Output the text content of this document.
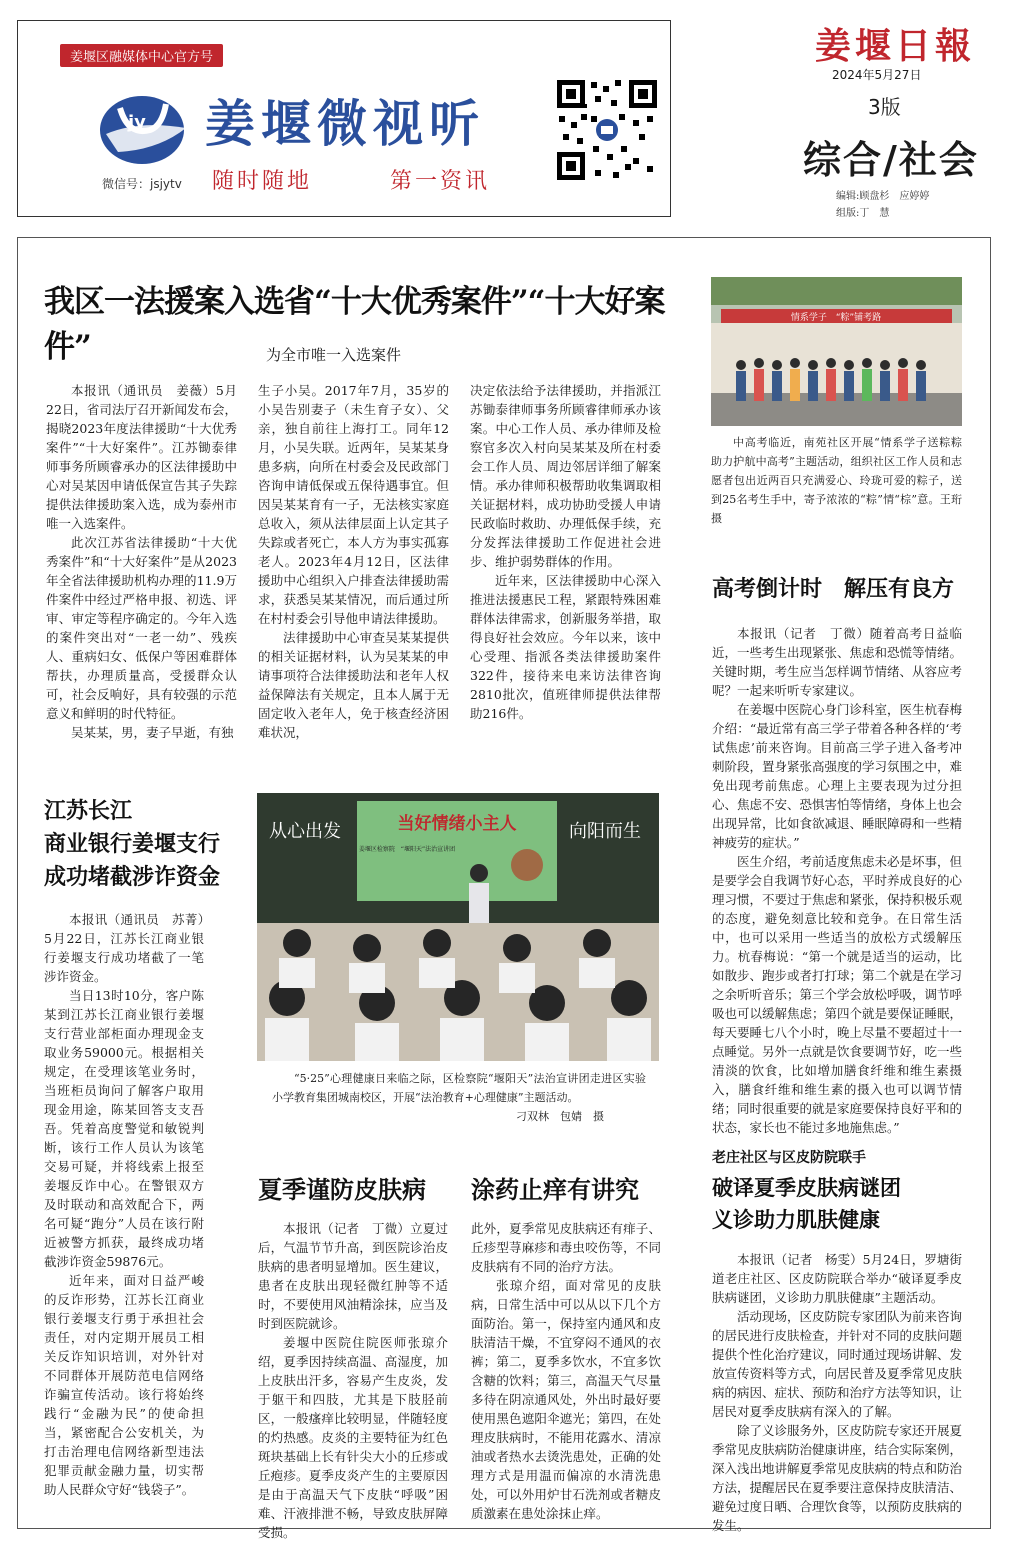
姜堰区融媒体中心官方号
jy 姜堰微视听
微信号：jsjytv 随时随地	第一资讯
姜堰日報
2024年5月27日
3版
综合/社会
编辑:顾盘杉　应婷婷
组版:丁　慧
我区一法援案入选省“十大优秀案件”“十大好案件”	为全市唯一入选案件

本报讯（通讯员　姜薇）5月22日，省司法厅召开新闻发布会，揭晓2023年度法律援助“十大优秀案件”“十大好案件”。江苏锄泰律师事务所顾睿承办的区法律援助中心对吴某因申请低保宣告其子失踪提供法律援助案入选，成为泰州市唯一入选案件。

此次江苏省法律援助“十大优秀案件”和“十大好案件”是从2023年全省法律援助机构办理的11.9万件案件中经过严格申报、初选、评审、审定等程序确定的。今年入选的案件突出对“一老一幼”、残疾人、重病妇女、低保户等困难群体帮扶，办理质量高，受援群众认可，社会反响好，具有较强的示范意义和鲜明的时代特征。

吴某某，男，妻子早逝，有独

生子小吴。2017年7月，35岁的小吴告别妻子（未生育子女）、父亲，独自前往上海打工。同年12月，小吴失联。近两年，吴某某身患多病，向所在村委会及民政部门咨询申请低保或五保待遇事宜。但因吴某某育有一子，无法核实家庭总收入，须从法律层面上认定其子失踪或者死亡，本人方为事实孤寡老人。2023年4月12日，区法律援助中心组织入户排查法律援助需求，获悉吴某某情况，而后通过所在村村委会引导他申请法律援助。

法律援助中心审查吴某某提供的相关证据材料，认为吴某某的申请事项符合法律援助法和老年人权益保障法有关规定，且本人属于无固定收入老年人，免于核查经济困难状况，

决定依法给予法律援助，并指派江苏锄泰律师事务所顾睿律师承办该案。中心工作人员、承办律师及检察官多次入村向吴某某及所在村委会工作人员、周边邻居详细了解案情。承办律师积极帮助收集调取相关证据材料，成功协助受援人申请民政临时救助、办理低保手续，充分发挥法律援助工作促进社会进步、维护弱势群体的作用。

近年来，区法律援助中心深入推进法援惠民工程，紧跟特殊困难群体法律需求，创新服务举措，取得良好社会效应。今年以来，该中心受理、指派各类法律援助案件322件，接待来电来访法律咨询2810批次，值班律师提供法律帮助216件。

情系学子　“粽”铺考路
中高考临近，南苑社区开展“情系学子送粽粽　助力护航中高考”主题活动，组织社区工作人员和志愿者包出近两百只充满爱心、玲珑可爱的粽子，送到25名考生手中，寄予浓浓的“粽”情“棕”意。王珩　摄
高考倒计时　解压有良方

本报讯（记者　丁微）随着高考日益临近，一些考生出现紧张、焦虑和恐慌等情绪。关键时期，考生应当怎样调节情绪、从容应考呢？一起来听听专家建议。

在姜堰中医院心身门诊科室，医生杭春梅介绍：“最近常有高三学子带着各种各样的‘考试焦虑’前来咨询。目前高三学子进入备考冲刺阶段，置身紧张高强度的学习氛围之中，难免出现考前焦虑。心理上主要表现为过分担心、焦虑不安、恐惧害怕等情绪，身体上也会出现异常，比如食欲减退、睡眠障碍和一些精神疲劳的症状。”

医生介绍，考前适度焦虑未必是坏事，但是要学会自我调节好心态，平时养成良好的心理习惯，不要过于焦虑和紧张，保持积极乐观的态度，避免刻意比较和竞争。在日常生活中，也可以采用一些适当的放松方式缓解压力。杭春梅说：“第一个就是适当的运动，比如散步、跑步或者打打球；第二个就是在学习之余听听音乐；第三个学会放松呼吸，调节呼吸也可以缓解焦虑；第四个就是要保证睡眠，每天要睡七八个小时，晚上尽量不要超过十一点睡觉。另外一点就是饮食要调节好，吃一些清淡的饮食，比如增加膳食纤维和维生素摄入，膳食纤维和维生素的摄入也可以调节情绪；同时很重要的就是家庭要保持良好平和的状态，家长也不能过多地施焦虑。”

江苏长江
商业银行姜堰支行
成功堵截涉诈资金

本报讯（通讯员　苏菁）5月22日，江苏长江商业银行姜堰支行成功堵截了一笔涉诈资金。

当日13时10分，客户陈某到江苏长江商业银行姜堰支行营业部柜面办理现金支取业务59000元。根据相关规定，在受理该笔业务时，当班柜员询问了解客户取用现金用途，陈某回答支支吾吾。凭着高度警觉和敏锐判断，该行工作人员认为该笔交易可疑，并将线索上报至姜堰反诈中心。在警银双方及时联动和高效配合下，两名可疑“跑分”人员在该行附近被警方抓获，最终成功堵截涉诈资金59876元。

近年来，面对日益严峻的反诈形势，江苏长江商业银行姜堰支行勇于承担社会责任，对内定期开展员工相关反诈知识培训，对外针对不同群体开展防范电信网络诈骗宣传活动。该行将始终践行“金融为民”的使命担当，紧密配合公安机关，为打击治理电信网络新型违法犯罪贡献金融力量，切实帮助人民群众守好“钱袋子”。

当好情绪小主人
姜堰区检察院　“堰阳天”法治宣讲团
从心出发	向阳而生
“5·25”心理健康日来临之际，区检察院“堰阳天”法治宣讲团走进区实验小学教育集团城南校区，开展“法治教育+心理健康”主题活动。
刁双林　包婧　摄
夏季谨防皮肤病 涂药止痒有讲究

本报讯（记者　丁微）立夏过后，气温节节升高，到医院诊治皮肤病的患者明显增加。医生建议，患者在皮肤出现轻微红肿等不适时，不要使用风油精涂抹，应当及时到医院就诊。

姜堰中医院住院医师张琼介绍，夏季因持续高温、高湿度，加上皮肤出汗多，容易产生皮炎，发于躯干和四肢，尤其是下肢胫前区，一般瘙痒比较明显，伴随轻度的灼热感。皮炎的主要特征为红色斑块基础上长有针尖大小的丘疹或丘疱疹。夏季皮炎产生的主要原因是由于高温天气下皮肤“呼吸”困难、汗液排泄不畅，导致皮肤屏障受损。

此外，夏季常见皮肤病还有痱子、丘疹型荨麻疹和毒虫咬伤等，不同皮肤病有不同的治疗方法。

张琼介绍，面对常见的皮肤病，日常生活中可以从以下几个方面防治。第一，保持室内通风和皮肤清洁干燥，不宜穿闷不通风的衣裤；第二，夏季多饮水，不宜多饮含糖的饮料；第三，高温天气尽量多待在阴凉通风处，外出时最好要使用黑色遮阳伞遮光；第四，在处理皮肤病时，不能用花露水、清凉油或者热水去烫洗患处，正确的处理方式是用温而偏凉的水清洗患处，可以外用炉甘石洗剂或者糖皮质激素在患处涂抹止痒。

老庄社区与区皮防院联手
破译夏季皮肤病谜团
义诊助力肌肤健康

本报讯（记者　杨雯）5月24日，罗塘街道老庄社区、区皮防院联合举办“破译夏季皮肤病谜团，义诊助力肌肤健康”主题活动。

活动现场，区皮防院专家团队为前来咨询的居民进行皮肤检查，并针对不同的皮肤问题提供个性化治疗建议，同时通过现场讲解、发放宣传资料等方式，向居民普及夏季常见皮肤病的病因、症状、预防和治疗方法等知识，让居民对夏季皮肤病有深入的了解。

除了义诊服务外，区皮防院专家还开展夏季常见皮肤病防治健康讲座，结合实际案例，深入浅出地讲解夏季常见皮肤病的特点和防治方法，提醒居民在夏季要注意保持皮肤清洁、避免过度日晒、合理饮食等，以预防皮肤病的发生。
